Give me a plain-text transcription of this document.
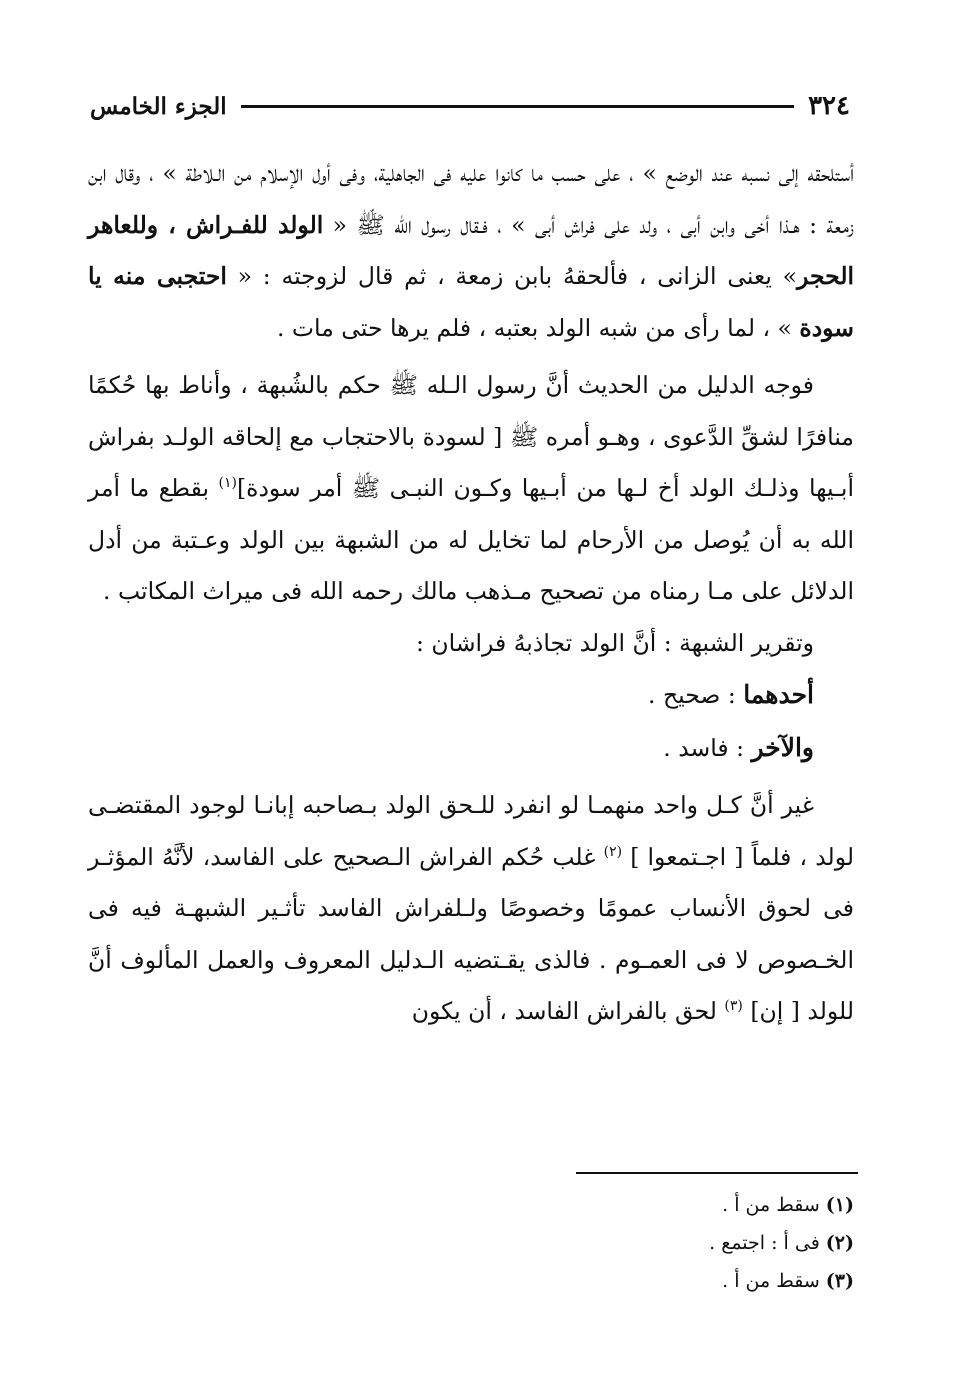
٣٢٤
الجزء الخامس

أستلحقه إلى نسبه عند الوضع » ، على حسب ما كانوا عليه فى الجاهلية، وفى أول الإسلام من الـلاطة » ، وقال ابن زمعة : هـذا أخى وابن أبى ، ولد على فراش أبى » ، فـقال رسول الله ﷺ « الولد للفـراش ، وللعاهر الحجر» يعنى الزانى ، فألحقهُ بابن زمعة ، ثم قال لزوجته : « احتجبى منه يا سودة » ، لما رأى من شبه الولد بعتبه ، فلم يرها حتى مات .

فوجه الدليل من الحديث أنَّ رسول الـله ﷺ حكم بالشُبهة ، وأناط بها حُكمًا منافرًا لشقِّ الدَّعوى ، وهـو أمره ﷺ [ لسودة بالاحتجاب مع إلحاقه الولـد بفراش أبـيها وذلـك الولد أخ لـها من أبـيها وكـون النبـى ﷺ أمر سودة]$^{(١)}$ بقطع ما أمر الله به أن يُوصل من الأرحام لما تخايل له من الشبهة بين الولد وعـتبة من أدل الدلائل على مـا رمناه من تصحيح مـذهب مالك رحمه الله فى ميراث المكاتب .

وتقرير الشبهة : أنَّ الولد تجاذبهُ فراشان :

أحدهما : صحيح .

والآخر : فاسد .

غير أنَّ كـل واحد منهمـا لو انفرد للـحق الولد بـصاحبه إبانـا لوجود المقتضـى لولد ، فلماً [ اجـتمعوا ] $^{(٢)}$ غلب حُكم الفراش الـصحيح على الفاسد، لأنَّهُ المؤثـر فى لحوق الأنساب عمومًا وخصوصًا ولـلفراش الفاسد تأثـير الشبهـة فيه فى الخـصوص لا فى العمـوم . فالذى يقـتضيه الـدليل المعروف والعمل المألوف أنَّ للولد [ إن] $^{(٣)}$ لحق بالفراش الفاسد ، أن يكون

(١)سقط من أ .

(٢)فى أ : اجتمع .

(٣)سقط من أ .
